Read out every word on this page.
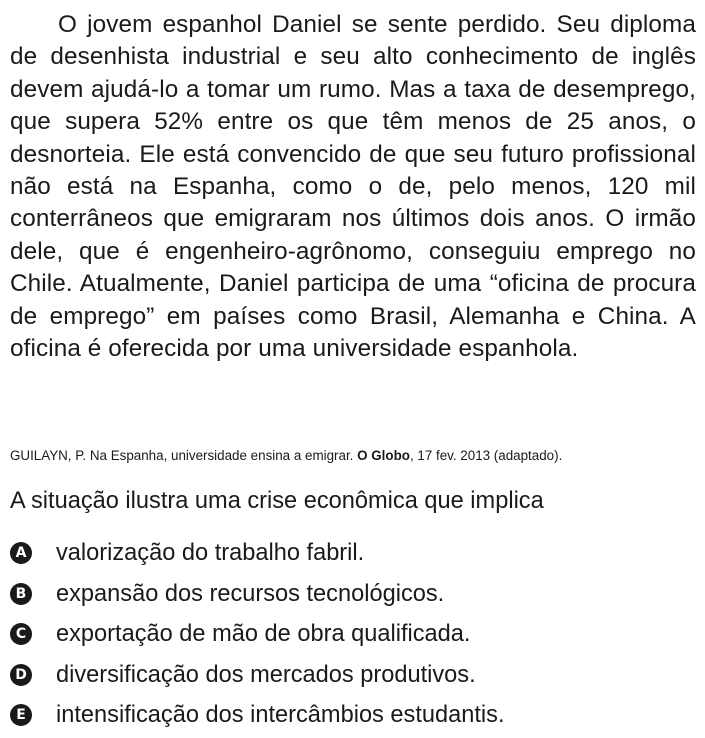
O jovem espanhol Daniel se sente perdido. Seu diploma de desenhista industrial e seu alto conhecimento de inglês devem ajudá-lo a tomar um rumo. Mas a taxa de desemprego, que supera 52% entre os que têm menos de 25 anos, o desnorteia. Ele está convencido de que seu futuro profissional não está na Espanha, como o de, pelo menos, 120 mil conterrâneos que emigraram nos últimos dois anos. O irmão dele, que é engenheiro-agrônomo, conseguiu emprego no Chile. Atualmente, Daniel participa de uma “oficina de procura de emprego” em países como Brasil, Alemanha e China. A oficina é oferecida por uma universidade espanhola.

GUILAYN, P. Na Espanha, universidade ensina a emigrar. O Globo, 17 fev. 2013 (adaptado).

A situação ilustra uma crise econômica que implica

A valorização do trabalho fabril.
B expansão dos recursos tecnológicos.
C exportação de mão de obra qualificada.
D diversificação dos mercados produtivos.
E intensificação dos intercâmbios estudantis.
